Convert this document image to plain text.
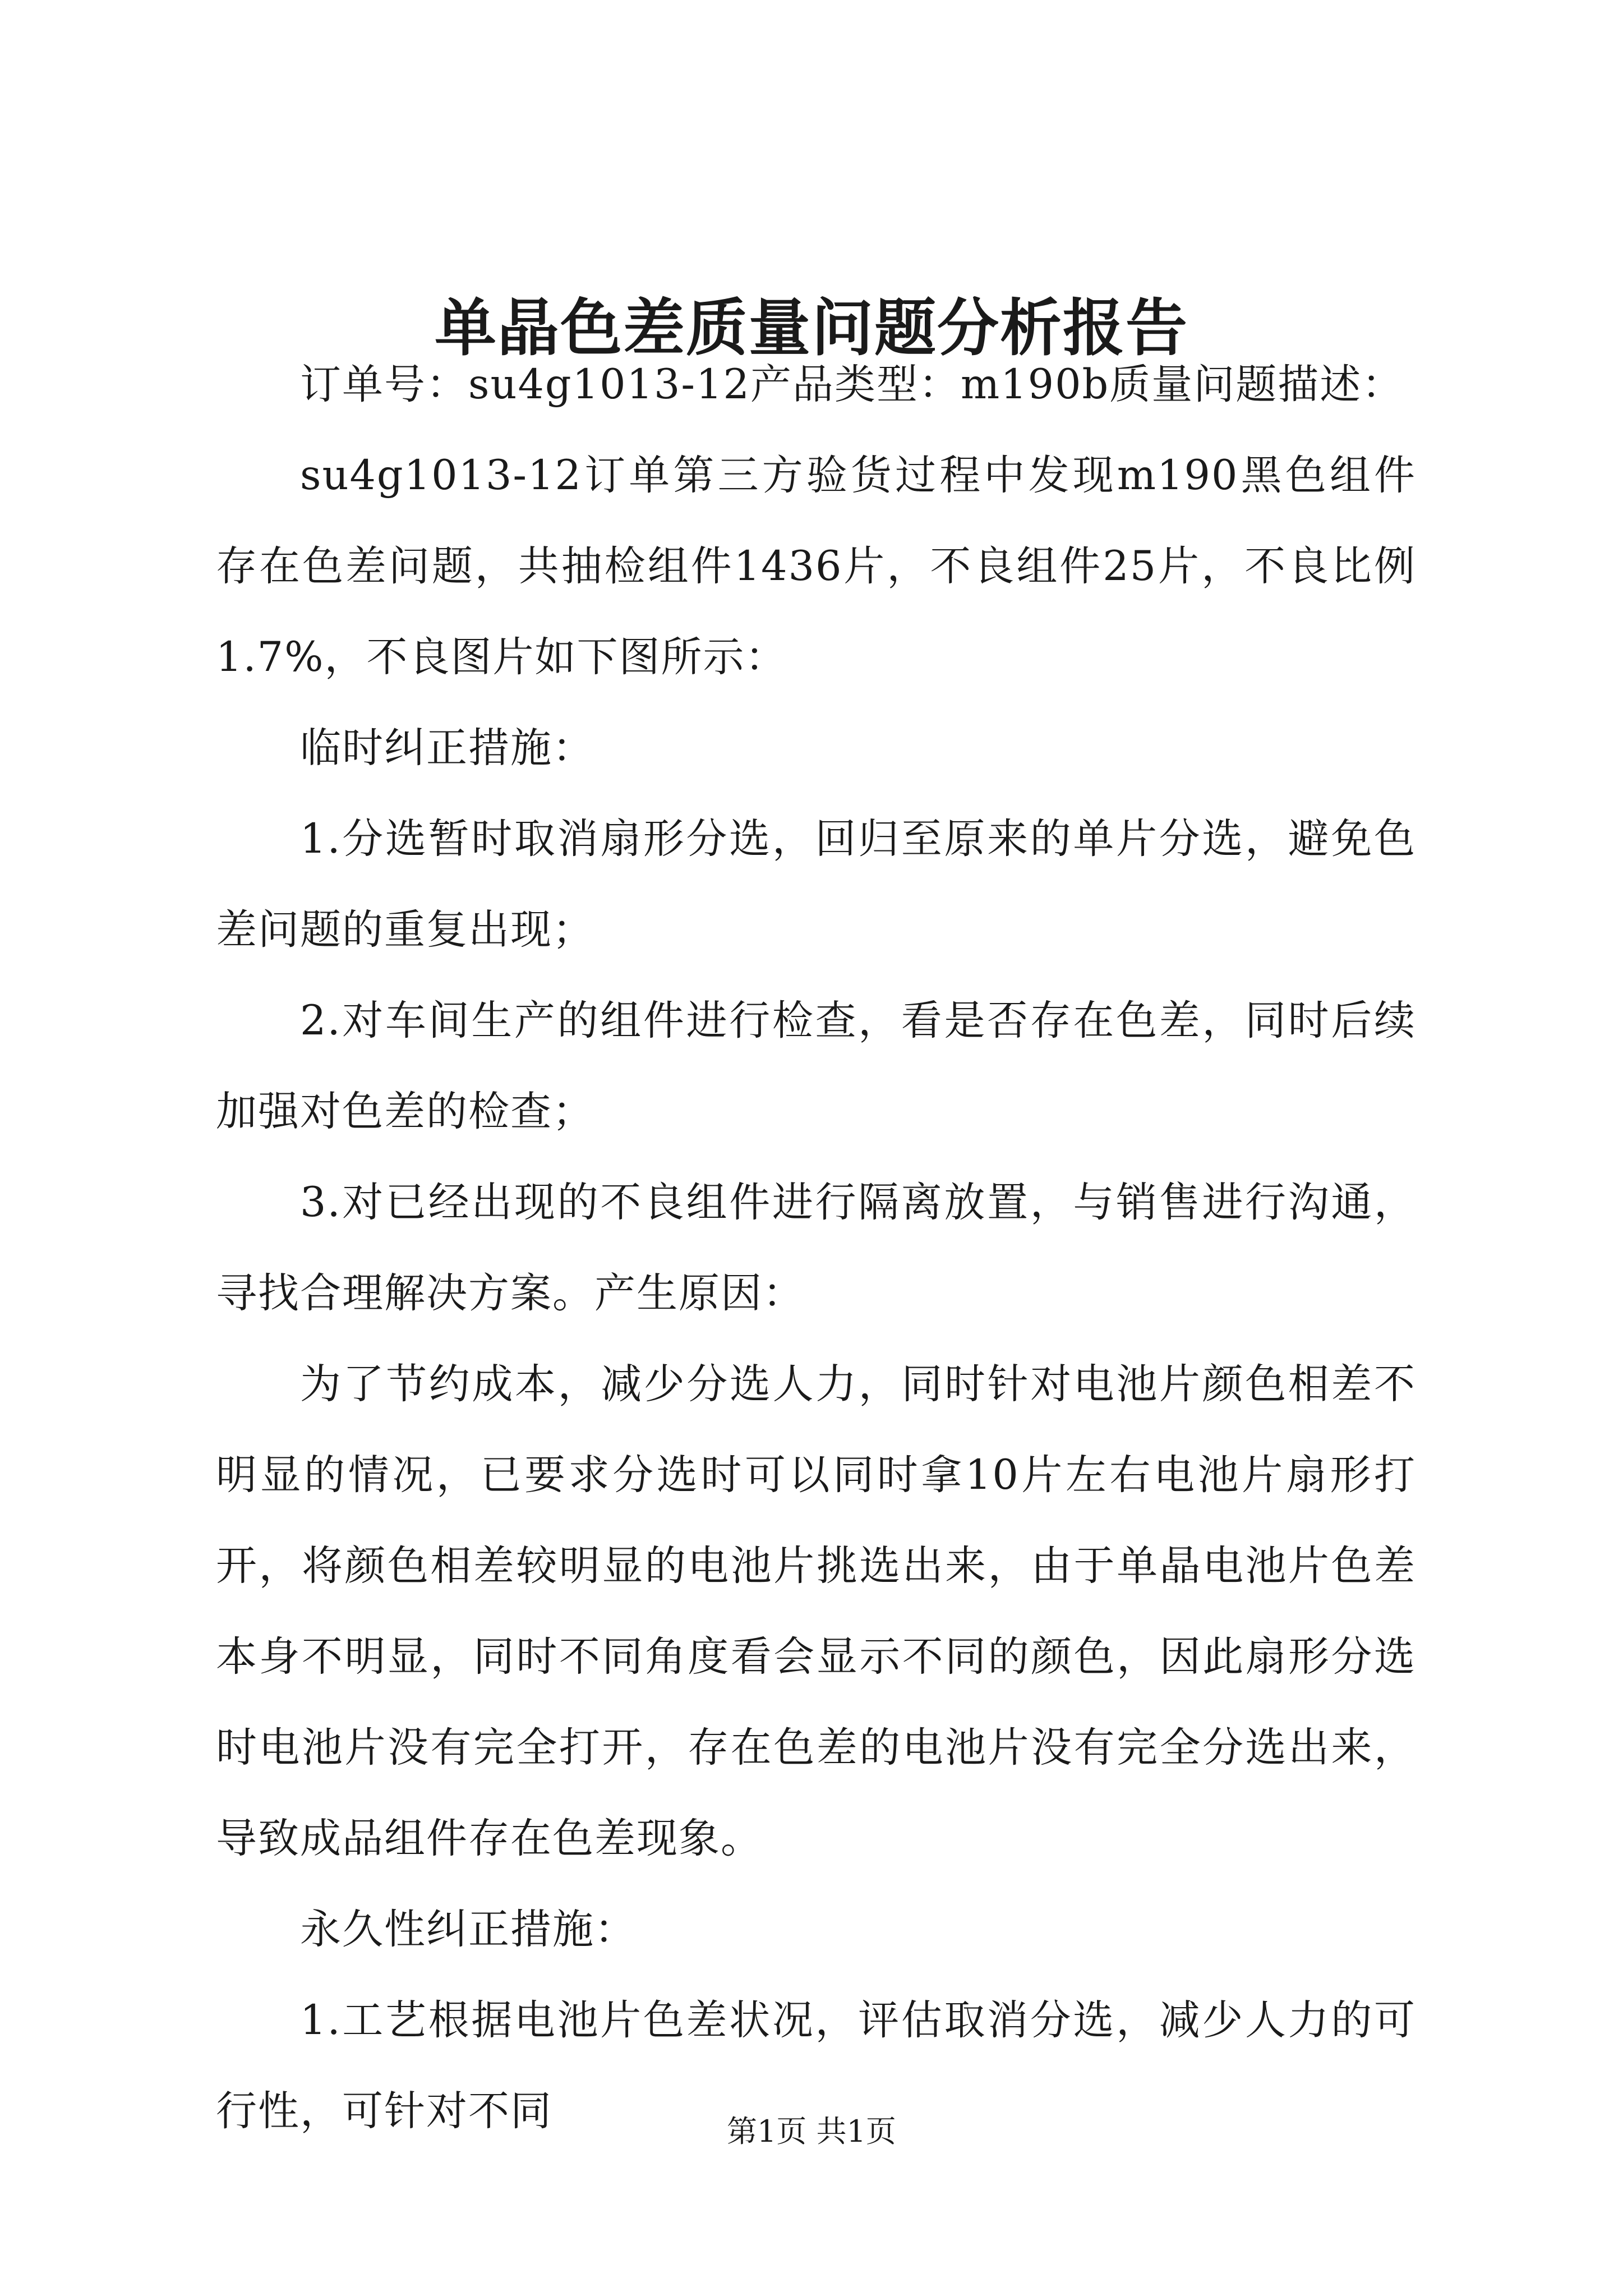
单晶色差质量问题分析报告

订单号：su4g1013-12产品类型：m190b质量问题描述：

su4g1013-12订单第三方验货过程中发现m190黑色组件存在色差问题，共抽检组件1436片，不良组件25片，不良比例1.7%，不良图片如下图所示：

临时纠正措施：

1.分选暂时取消扇形分选，回归至原来的单片分选，避免色差问题的重复出现；

2.对车间生产的组件进行检查，看是否存在色差，同时后续加强对色差的检查；

3.对已经出现的不良组件进行隔离放置，与销售进行沟通，寻找合理解决方案。产生原因：

为了节约成本，减少分选人力，同时针对电池片颜色相差不明显的情况，已要求分选时可以同时拿10片左右电池片扇形打开，将颜色相差较明显的电池片挑选出来，由于单晶电池片色差本身不明显，同时不同角度看会显示不同的颜色，因此扇形分选时电池片没有完全打开，存在色差的电池片没有完全分选出来，导致成品组件存在色差现象。

永久性纠正措施：

1.工艺根据电池片色差状况，评估取消分选，减少人力的可行性，可针对不同	第1页 共1页
